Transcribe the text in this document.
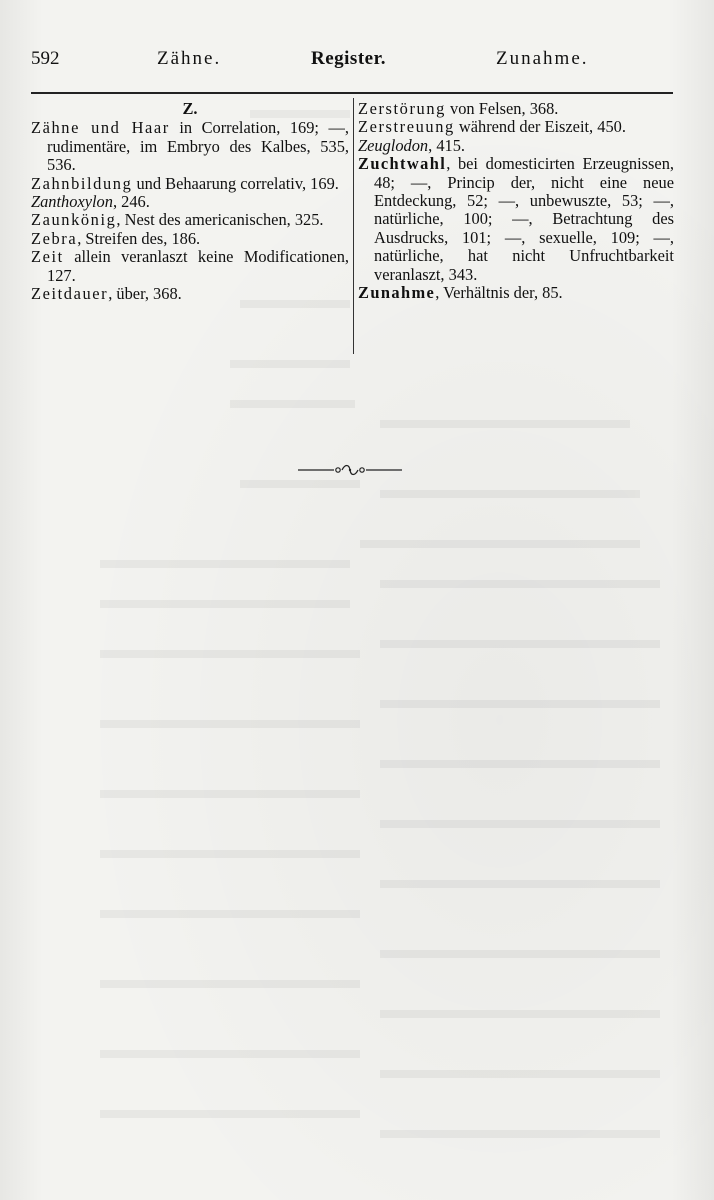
592	Zähne.	Register.	Zunahme.
Z.

Zähne und Haar in Correlation, 169; —, rudimentäre, im Embryo des Kalbes, 535, 536.

Zahnbildung und Behaarung correlativ, 169.

Zanthoxylon, 246.

Zaunkönig, Nest des americanischen, 325.

Zebra, Streifen des, 186.

Zeit allein veranlaszt keine Modificationen, 127.

Zeitdauer, über, 368.

Zerstörung von Felsen, 368.

Zerstreuung während der Eiszeit, 450.

Zeuglodon, 415.

Zuchtwahl, bei domesticirten Erzeugnissen, 48; —, Princip der, nicht eine neue Entdeckung, 52; —, unbewuszte, 53; —, natürliche, 100; —, Betrachtung des Ausdrucks, 101; —, sexuelle, 109; —, natürliche, hat nicht Unfruchtbarkeit veranlaszt, 343.

Zunahme, Verhältnis der, 85.
